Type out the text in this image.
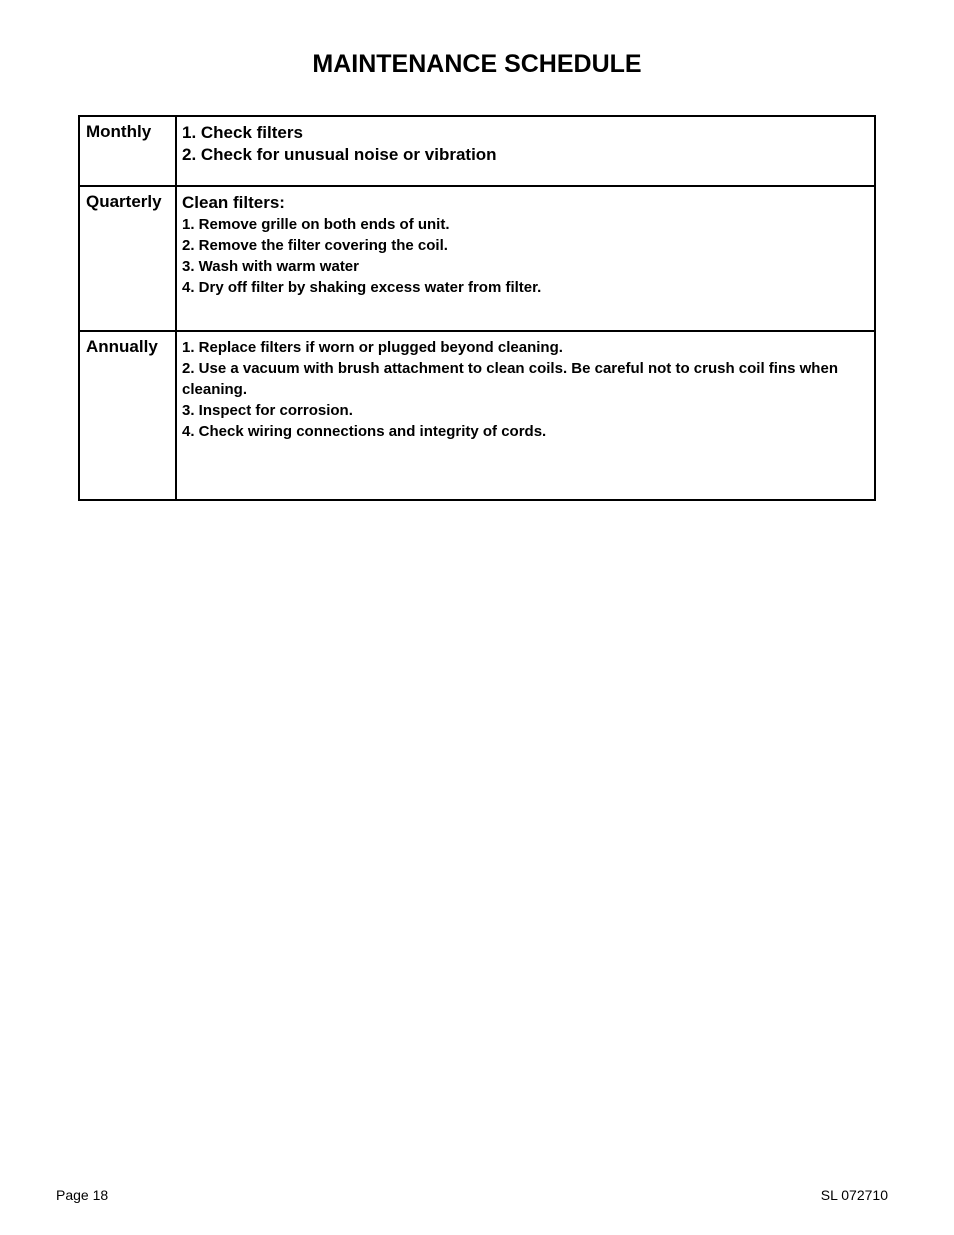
MAINTENANCE SCHEDULE
Monthly	1. Check filters
2. Check for unusual noise or vibration

Quarterly	Clean filters:
1. Remove grille on both ends of unit.
2. Remove the filter covering the coil.
3. Wash with warm water
4. Dry off filter by shaking excess water from filter.

Annually	1. Replace filters if worn or plugged beyond cleaning.
2. Use a vacuum with brush attachment to clean coils. Be careful not to crush coil fins when cleaning.
3. Inspect for corrosion.
4. Check wiring connections and integrity of cords.
Page 18	SL 072710
